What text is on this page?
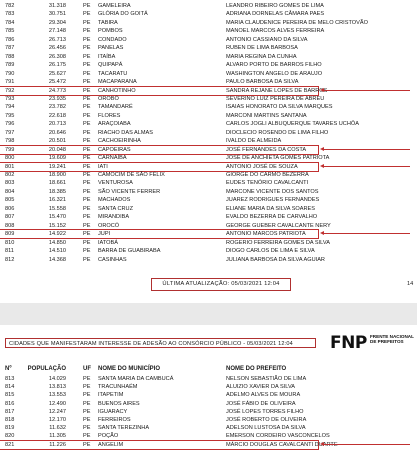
782	31.318	PE GAMELEIRA	LEANDRO RIBEIRO GOMES DE LIMA
783	30.751	PE GLÓRIA DO GOITÁ	ADRIANA DORNELAS CÂMARA PAES
784	29.304	PE TABIRA	MARIA CLAUDENICE PEREIRA DE MELO CRISTOVÃO
785	27.148	PE POMBOS	MANOEL MARCOS ALVES FERREIRA
786	26.713	PE CONDADO	ANTONIO CASSIANO DA SILVA
787	26.456	PE PANELAS	RUBEN DE LIMA BARBOSA
788	26.308	PE ITAÍBA	MARIA REGINA DA CUNHA
789	26.175	PE QUIPAPÁ	ALVARO PORTO DE BARROS FILHO
790	25.627	PE TACARATU	WASHINGTON ANGELO DE ARAUJO
791	25.472	PE MACAPARANA	PAULO BARBOSA DA SILVA
792	24.773	PE CANHOTINHO	SANDRA REJANE LOPES DE BARROS
793	23.935	PE OROBÓ	SEVERINO LUIZ PEREIRA DE ABREU
794	23.782	PE TAMANDARÉ	ISAIAS HONORATO DA SILVA MARQUES
795	22.618	PE FLORES	MARCONI MARTINS SANTANA
796	20.713	PE ARAÇOIABA	CARLOS JOGLI ALBUQUERQUE TAVARES UCHÔA
797	20.646	PE RIACHO DAS ALMAS	DIOCLECIO ROSENDO DE LIMA FILHO
798	20.501	PE CACHOEIRINHA	IVALDO DE ALMEIDA
799	20.048	PE CAPOEIRAS	JOSÉ FERNANDES DA COSTA
800	19.609	PE CARNAÍBA	JOSÉ DE ANCHIETA GOMES PATRIOTA
801	19.241	PE IATI	ANTONIO JOSÉ DE SOUZA
802	18.900	PE CAMOCIM DE SÃO FÉLIX	GIORGE DO CARMO BEZERRA
803	18.661	PE VENTUROSA	EUDES TENÓRIO CAVALCANTI
804	18.385	PE SÃO VICENTE FERRER	MARCONE VICENTE DOS SANTOS
805	16.321	PE MACHADOS	JUAREZ RODRIGUES FERNANDES
806	15.558	PE SANTA CRUZ	ELIANE MARIA DA SILVA SOARES
807	15.470	PE MIRANDIBA	EVALDO BEZERRA DE CARVALHO
808	15.152	PE OROCÓ	GEORGE GUEBER CAVALCANTE NERY
809	14.922	PE JUPI	ANTONIO MARCOS PATRIOTA
810	14.850	PE IATOBÁ	ROGERIO FERREIRA GOMES DA SILVA
811	14.510	PE BARRA DE GUABIRABA	DIOGO CARLOS DE LIMA E SILVA
812	14.368	PE CASINHAS	JULIANA BARBOSA DA SILVA AGUIAR
ÚLTIMA ATUALIZAÇÃO: 05/03/2021 12:04	14
CIDADES QUE MANIFESTARAM INTERESSE DE ADESÃO AO CONSÓRCIO PÚBLICO - 05/03/2021 12:04	FNP FRENTE NACIONAL DE PREFEITOS
Nº	POPULAÇÃO	UF NOME DO MUNICÍPIO	NOME DO PREFEITO
813	14.029	PE SANTA MARIA DA CAMBUCÁ	NELSON SEBASTIÃO DE LIMA
814	13.813	PE TRACUNHAÉM	ALUIZIO XAVIER DA SILVA
815	13.553	PE ITAPETIM	ADELMO ALVES DE MOURA
816	12.490	PE BUENOS AIRES	JOSÉ FÁBIO DE OLIVEIRA
817	12.247	PE IGUARACY	JOSÉ LOPES TORRES FILHO
818	12.170	PE FERREIROS	JOSÉ ROBERTO DE OLIVEIRA
819	11.632	PE SANTA TEREZINHA	ADELSON LUSTOSA DA SILVA
820	11.305	PE POÇÃO	EMERSON CORDEIRO VASCONCELOS
821	11.226	PE ANGELIM	MÁRCIO DOUGLAS CAVALCANTI DUARTE
